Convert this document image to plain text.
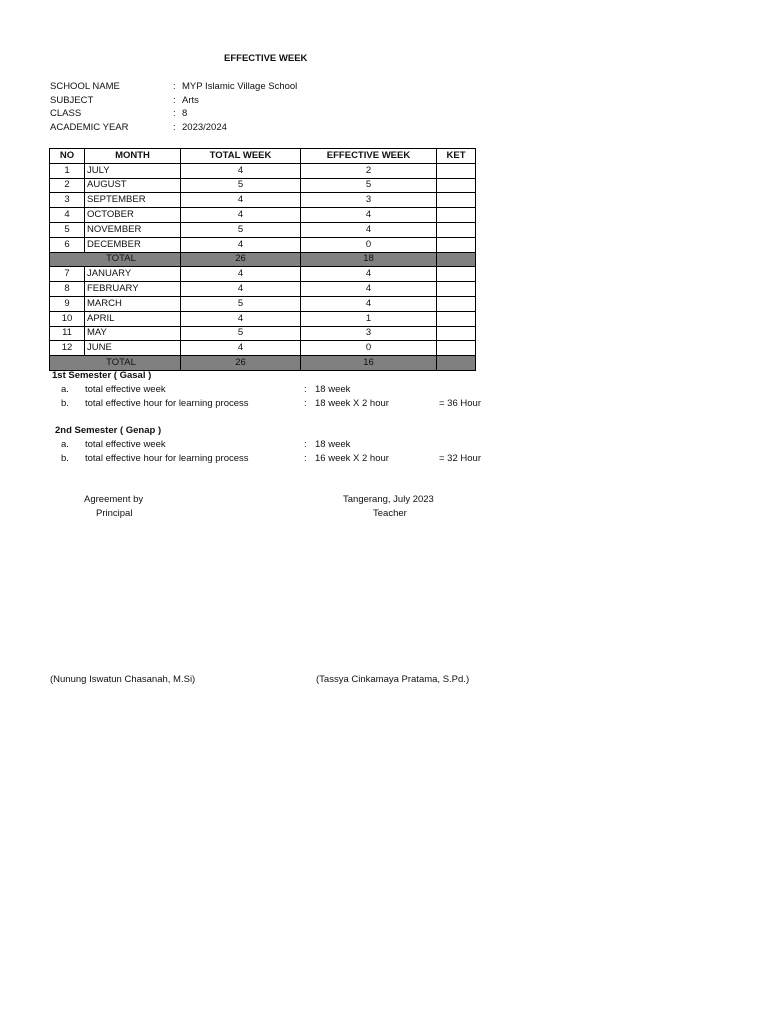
EFFECTIVE WEEK
SCHOOL NAME	: MYP Islamic Village School
SUBJECT	: Arts
CLASS	: 8
ACADEMIC YEAR	: 2023/2024
NO	MONTH	TOTAL WEEK	EFFECTIVE WEEK	KET
1	JULY	4	2	
2	AUGUST	5	5	
3	SEPTEMBER	4	3	
4	OCTOBER	4	4	
5	NOVEMBER	5	4	
6	DECEMBER	4	0	
TOTAL		26	18	
7	JANUARY	4	4	
8	FEBRUARY	4	4	
9	MARCH	5	4	
10	APRIL	4	1	
11	MAY	5	3	
12	JUNE	4	0	
TOTAL		26	16	
1st Semester ( Gasal )
a. total effective week	: 18 week
b. total effective hour for learning process	: 18 week X 2 hour	= 36 Hour
2nd Semester ( Genap )
a. total effective week	: 18 week
b. total effective hour for learning process	: 16 week X 2 hour	= 32 Hour
Agreement by
Principal
Tangerang, July 2023
Teacher
(Nunung Iswatun Chasanah, M.Si)	(Tassya Cinkamaya Pratama, S.Pd.)
